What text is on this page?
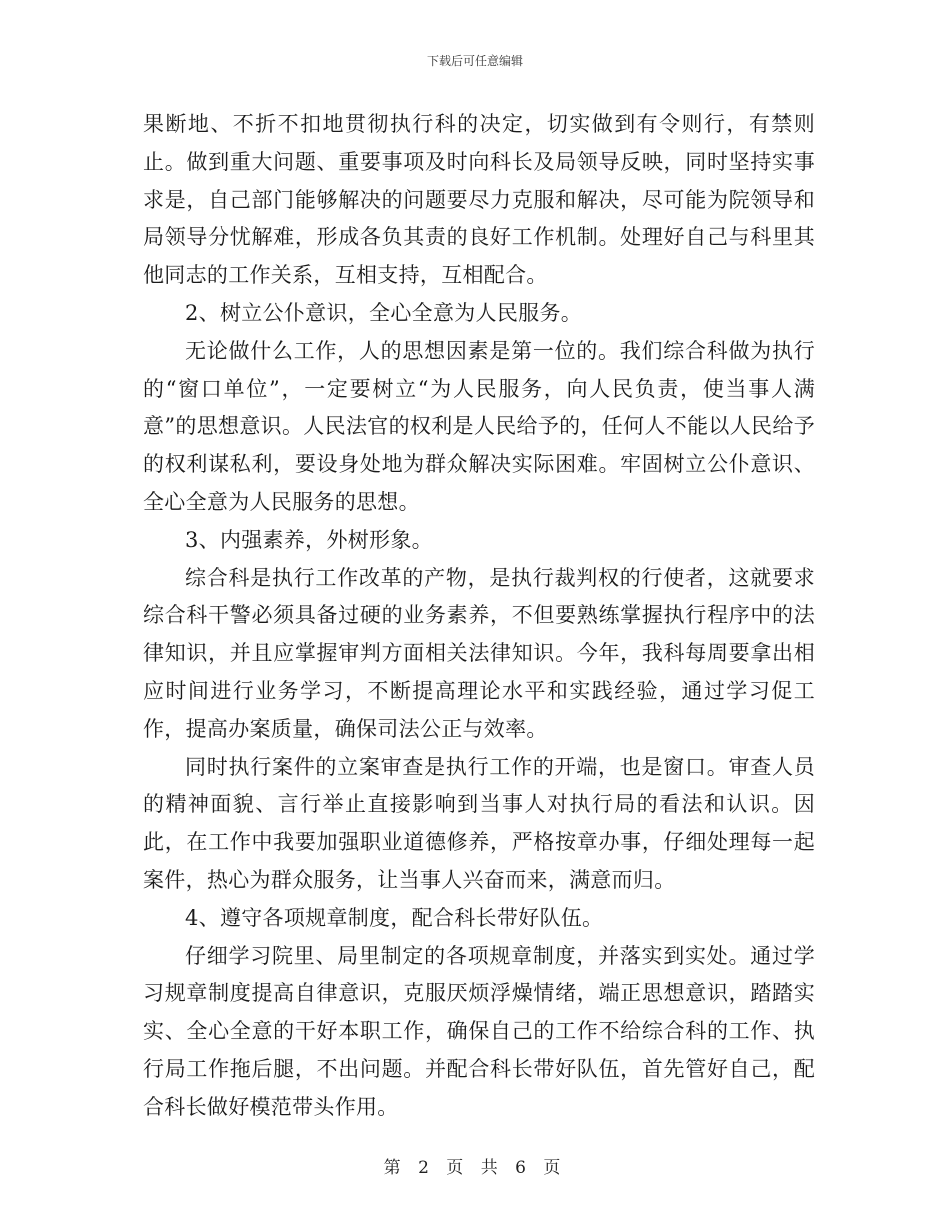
下载后可任意编辑

果断地、不折不扣地贯彻执行科的决定，切实做到有令则行，有禁则止。做到重大问题、重要事项及时向科长及局领导反映，同时坚持实事求是，自己部门能够解决的问题要尽力克服和解决，尽可能为院领导和局领导分忧解难，形成各负其责的良好工作机制。处理好自己与科里其他同志的工作关系，互相支持，互相配合。

2、树立公仆意识，全心全意为人民服务。

无论做什么工作，人的思想因素是第一位的。我们综合科做为执行的“窗口单位”，一定要树立“为人民服务，向人民负责，使当事人满意”的思想意识。人民法官的权利是人民给予的，任何人不能以人民给予的权利谋私利，要设身处地为群众解决实际困难。牢固树立公仆意识、全心全意为人民服务的思想。

3、内强素养，外树形象。

综合科是执行工作改革的产物，是执行裁判权的行使者，这就要求综合科干警必须具备过硬的业务素养，不但要熟练掌握执行程序中的法律知识，并且应掌握审判方面相关法律知识。今年，我科每周要拿出相应时间进行业务学习，不断提高理论水平和实践经验，通过学习促工作，提高办案质量，确保司法公正与效率。

同时执行案件的立案审查是执行工作的开端，也是窗口。审查人员的精神面貌、言行举止直接影响到当事人对执行局的看法和认识。因此，在工作中我要加强职业道德修养，严格按章办事，仔细处理每一起案件，热心为群众服务，让当事人兴奋而来，满意而归。

4、遵守各项规章制度，配合科长带好队伍。

仔细学习院里、局里制定的各项规章制度，并落实到实处。通过学习规章制度提高自律意识，克服厌烦浮燥情绪，端正思想意识，踏踏实实、全心全意的干好本职工作，确保自己的工作不给综合科的工作、执行局工作拖后腿，不出问题。并配合科长带好队伍，首先管好自己，配合科长做好模范带头作用。

第 2 页 共 6 页
